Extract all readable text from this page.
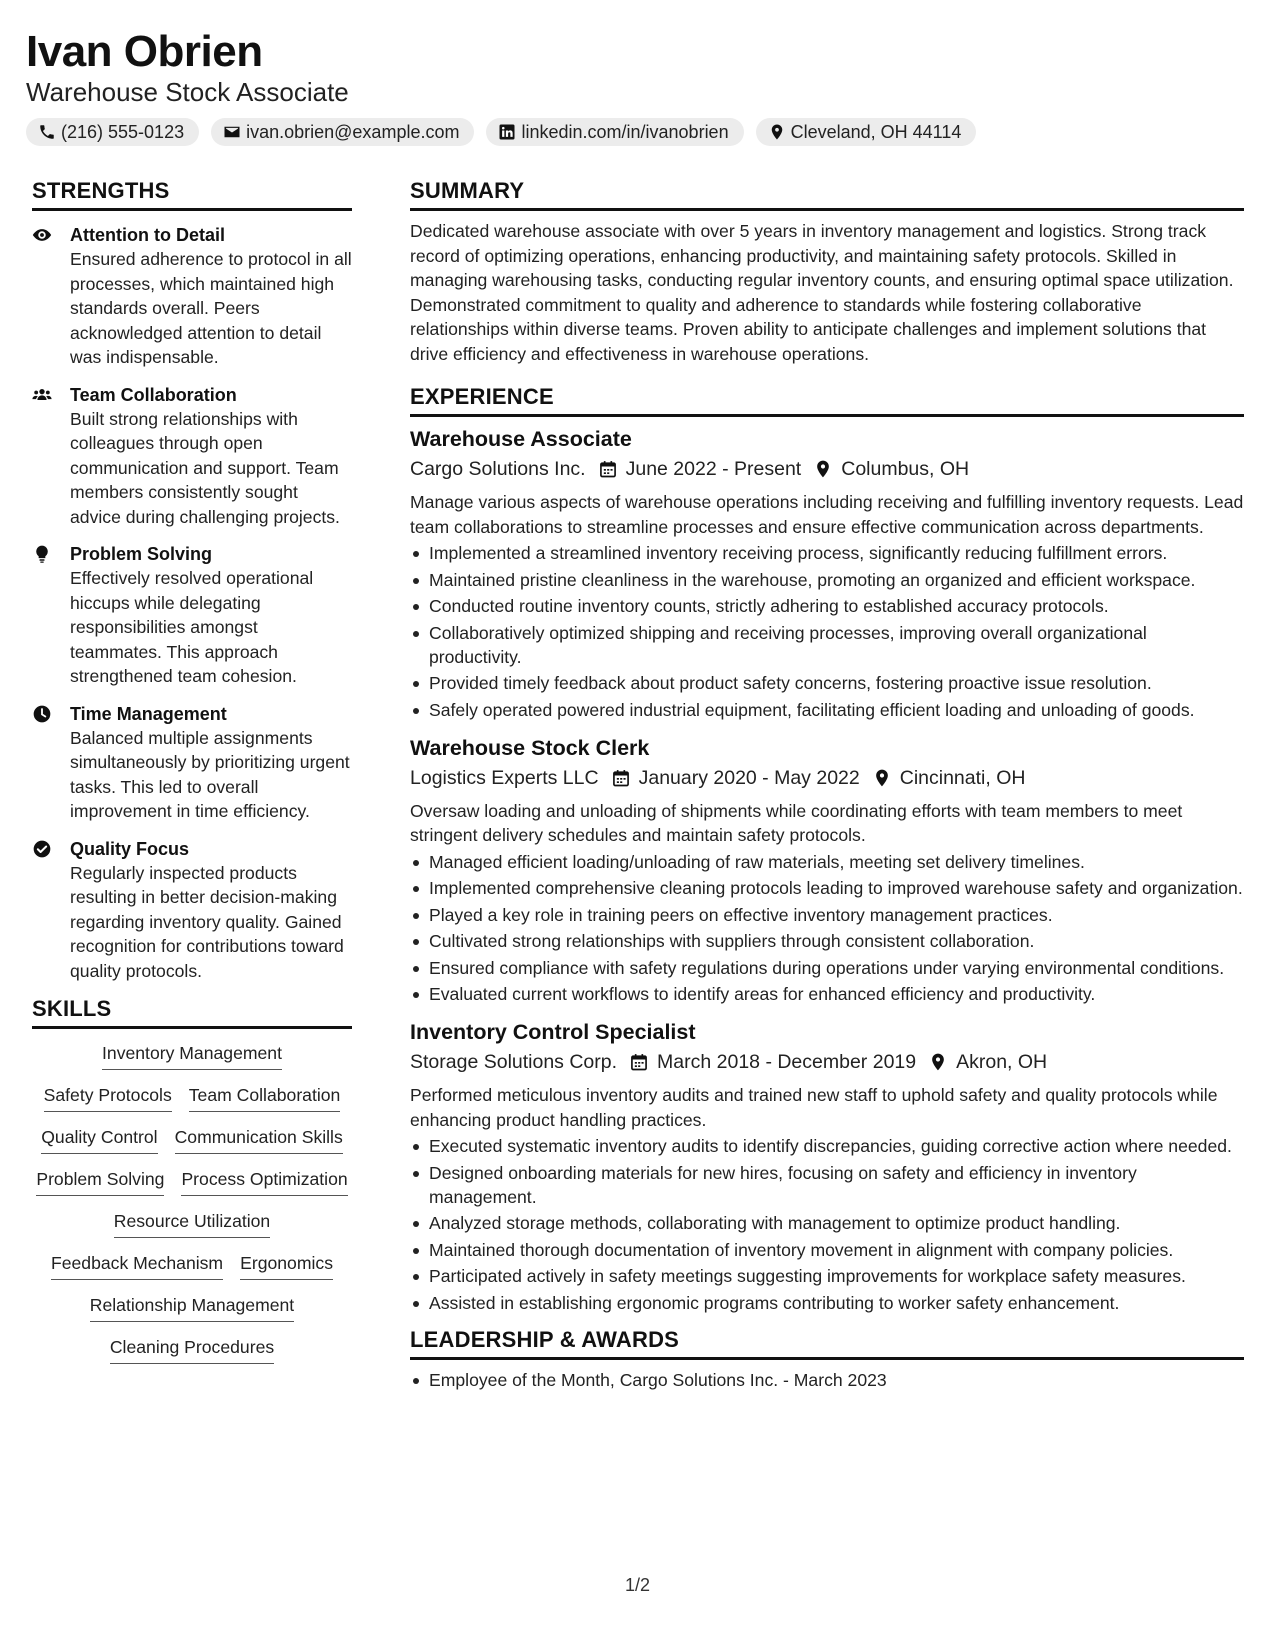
Ivan Obrien
Warehouse Stock Associate
(216) 555-0123	ivan.obrien@example.com	linkedin.com/in/ivanobrien	Cleveland, OH 44114
STRENGTHS
Attention to Detail
Ensured adherence to protocol in all processes, which maintained high standards overall. Peers acknowledged attention to detail was indispensable.
Team Collaboration
Built strong relationships with colleagues through open communication and support. Team members consistently sought advice during challenging projects.
Problem Solving
Effectively resolved operational hiccups while delegating responsibilities amongst teammates. This approach strengthened team cohesion.
Time Management
Balanced multiple assignments simultaneously by prioritizing urgent tasks. This led to overall improvement in time efficiency.
Quality Focus
Regularly inspected products resulting in better decision-making regarding inventory quality. Gained recognition for contributions toward quality protocols.
SKILLS
Inventory Management
Safety Protocols Team Collaboration
Quality Control Communication Skills
Problem Solving Process Optimization
Resource Utilization
Feedback Mechanism Ergonomics
Relationship Management
Cleaning Procedures
SUMMARY
Dedicated warehouse associate with over 5 years in inventory management and logistics. Strong track record of optimizing operations, enhancing productivity, and maintaining safety protocols. Skilled in managing warehousing tasks, conducting regular inventory counts, and ensuring optimal space utilization. Demonstrated commitment to quality and adherence to standards while fostering collaborative relationships within diverse teams. Proven ability to anticipate challenges and implement solutions that drive efficiency and effectiveness in warehouse operations.
EXPERIENCE
Warehouse Associate
Cargo Solutions Inc. June 2022 - Present Columbus, OH
Manage various aspects of warehouse operations including receiving and fulfilling inventory requests. Lead team collaborations to streamline processes and ensure effective communication across departments.
Implemented a streamlined inventory receiving process, significantly reducing fulfillment errors.
Maintained pristine cleanliness in the warehouse, promoting an organized and efficient workspace.
Conducted routine inventory counts, strictly adhering to established accuracy protocols.
Collaboratively optimized shipping and receiving processes, improving overall organizational productivity.
Provided timely feedback about product safety concerns, fostering proactive issue resolution.
Safely operated powered industrial equipment, facilitating efficient loading and unloading of goods.
Warehouse Stock Clerk
Logistics Experts LLC January 2020 - May 2022 Cincinnati, OH
Oversaw loading and unloading of shipments while coordinating efforts with team members to meet stringent delivery schedules and maintain safety protocols.
Managed efficient loading/unloading of raw materials, meeting set delivery timelines.
Implemented comprehensive cleaning protocols leading to improved warehouse safety and organization.
Played a key role in training peers on effective inventory management practices.
Cultivated strong relationships with suppliers through consistent collaboration.
Ensured compliance with safety regulations during operations under varying environmental conditions.
Evaluated current workflows to identify areas for enhanced efficiency and productivity.
Inventory Control Specialist
Storage Solutions Corp. March 2018 - December 2019 Akron, OH
Performed meticulous inventory audits and trained new staff to uphold safety and quality protocols while enhancing product handling practices.
Executed systematic inventory audits to identify discrepancies, guiding corrective action where needed.
Designed onboarding materials for new hires, focusing on safety and efficiency in inventory management.
Analyzed storage methods, collaborating with management to optimize product handling.
Maintained thorough documentation of inventory movement in alignment with company policies.
Participated actively in safety meetings suggesting improvements for workplace safety measures.
Assisted in establishing ergonomic programs contributing to worker safety enhancement.
LEADERSHIP & AWARDS
Employee of the Month, Cargo Solutions Inc. - March 2023
1/2
